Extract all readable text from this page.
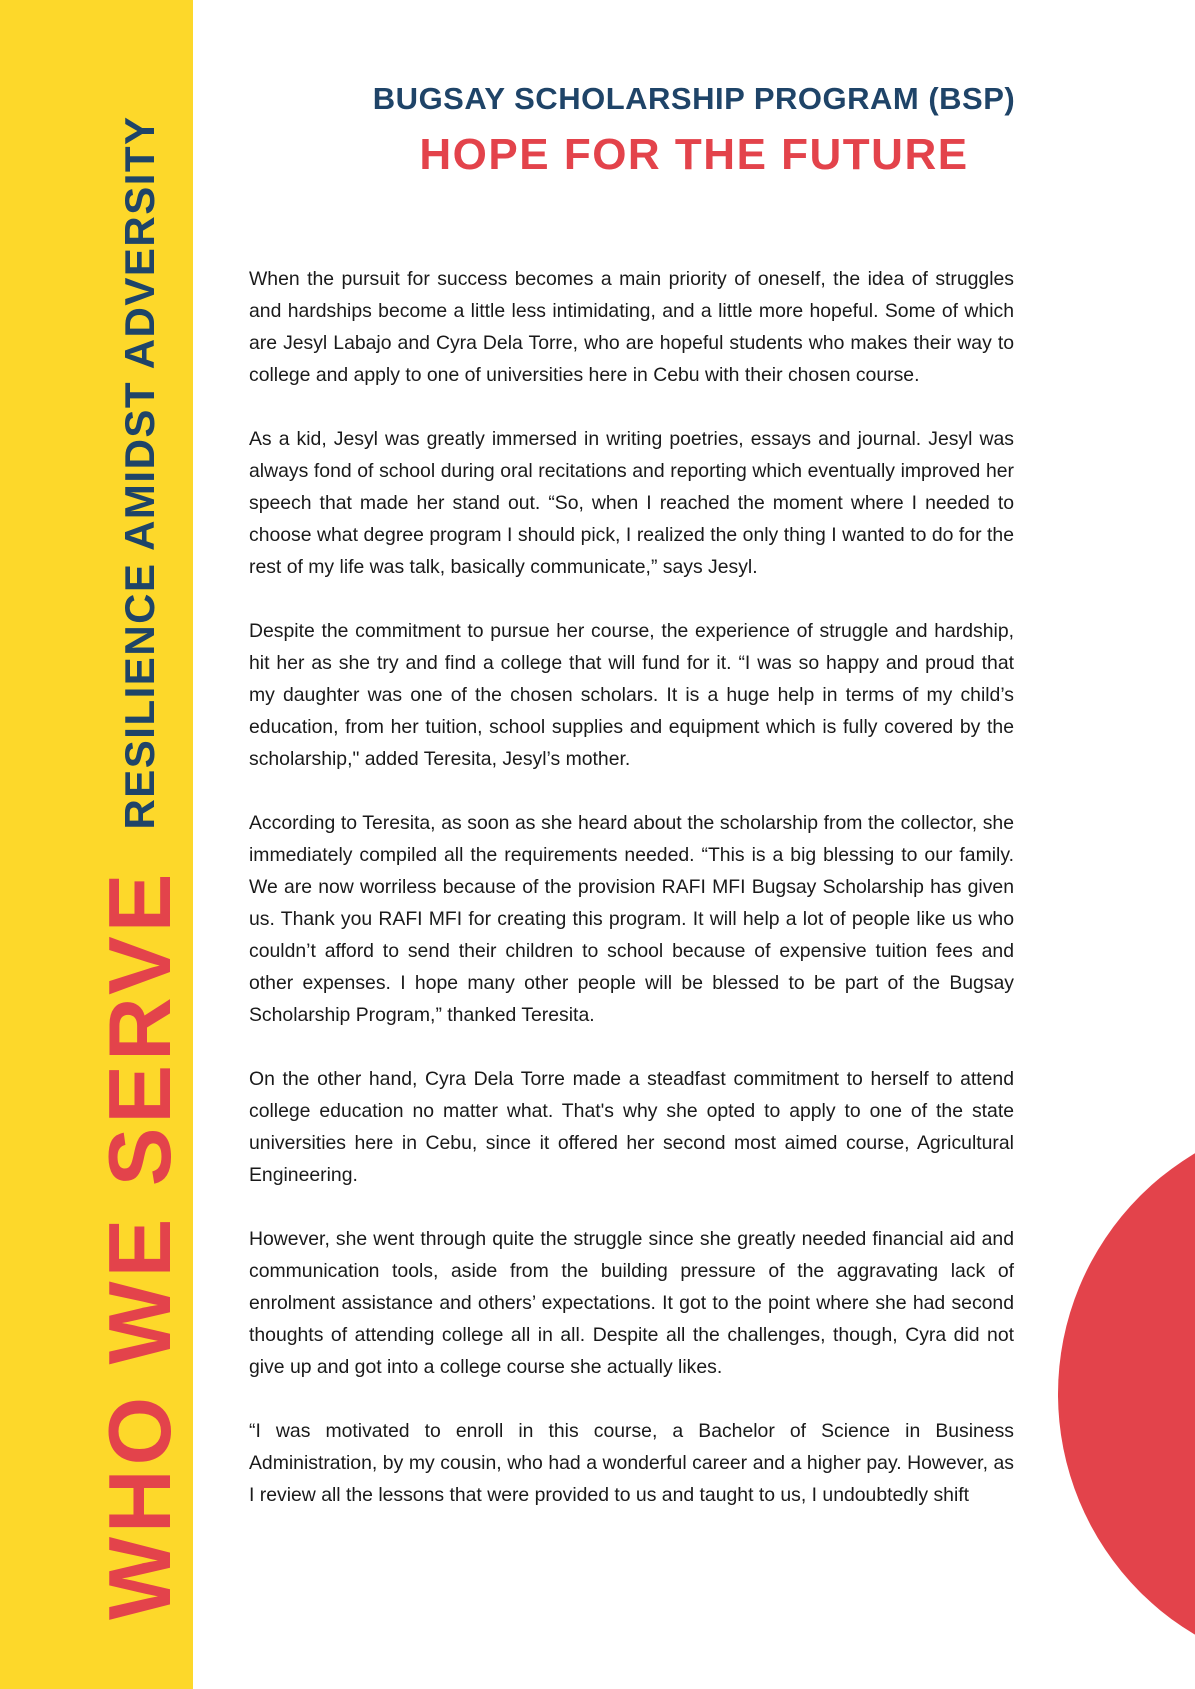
WHO WE SERVERESILIENCE AMIDST ADVERSITY
BUGSAY SCHOLARSHIP PROGRAM (BSP)
HOPE FOR THE FUTURE

When the pursuit for success becomes a main priority of oneself, the idea of struggles and hardships become a little less intimidating, and a little more hopeful. Some of which are Jesyl Labajo and Cyra Dela Torre, who are hopeful students who makes their way to college and apply to one of universities here in Cebu with their chosen course.

As a kid, Jesyl was greatly immersed in writing poetries, essays and journal. Jesyl was always fond of school during oral recitations and reporting which eventually improved her speech that made her stand out. “So, when I reached the moment where I needed to choose what degree program I should pick, I realized the only thing I wanted to do for the rest of my life was talk, basically communicate,” says Jesyl.

Despite the commitment to pursue her course, the experience of struggle and hardship, hit her as she try and find a college that will fund for it. “I was so happy and proud that my daughter was one of the chosen scholars. It is a huge help in terms of my child’s education, from her tuition, school supplies and equipment which is fully covered by the scholarship," added Teresita, Jesyl’s mother.

According to Teresita, as soon as she heard about the scholarship from the collector, she immediately compiled all the requirements needed. “This is a big blessing to our family. We are now worriless because of the provision RAFI MFI Bugsay Scholarship has given us. Thank you RAFI MFI for creating this program. It will help a lot of people like us who couldn’t afford to send their children to school because of expensive tuition fees and other expenses. I hope many other people will be blessed to be part of the Bugsay Scholarship Program,” thanked Teresita.

On the other hand, Cyra Dela Torre made a steadfast commitment to herself to attend college education no matter what. That's why she opted to apply to one of the state universities here in Cebu, since it offered her second most aimed course, Agricultural Engineering.

However, she went through quite the struggle since she greatly needed financial aid and communication tools, aside from the building pressure of the aggravating lack of enrolment assistance and others’ expectations. It got to the point where she had second thoughts of attending college all in all. Despite all the challenges, though, Cyra did not give up and got into a college course she actually likes.

“I was motivated to enroll in this course, a Bachelor of Science in Business Administration, by my cousin, who had a wonderful career and a higher pay. However, as I review all the lessons that were provided to us and taught to us, I undoubtedly shift
